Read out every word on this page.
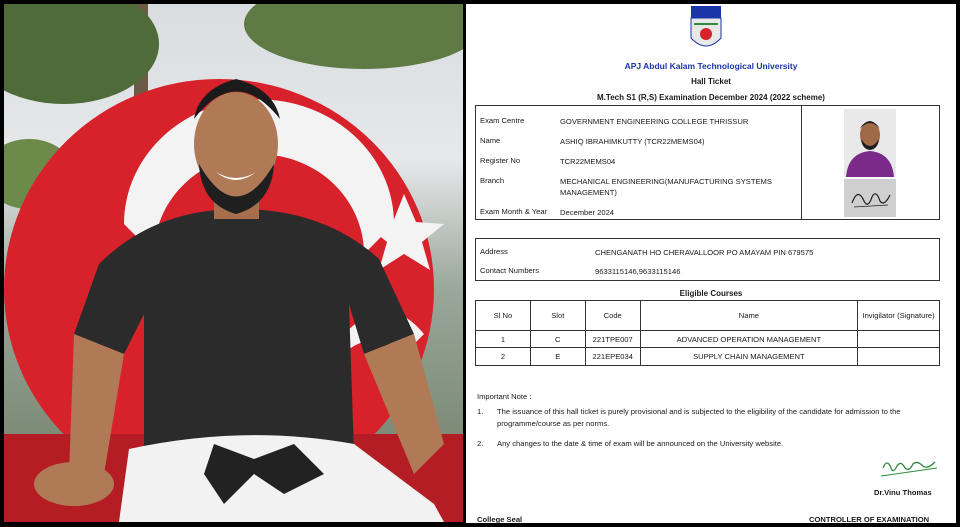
APJ Abdul Kalam Technological University
Hall Ticket
M.Tech S1 (R,S) Examination December 2024 (2022 scheme)
Exam Centre	GOVERNMENT ENGINEERING COLLEGE THRISSUR
Name	ASHIQ IBRAHIMKUTTY (TCR22MEMS04)
Register No	TCR22MEMS04
Branch	MECHANICAL ENGINEERING(MANUFACTURING SYSTEMS MANAGEMENT)
Exam Month & Year	December 2024
Address	CHENGANATH HO CHERAVALLOOR PO AMAYAM PIN 679575
Contact Numbers	9633115146,9633115146
Eligible Courses
Sl No	Slot	Code	Name	Invigilator (Signature)
1	C	221TPE007	ADVANCED OPERATION MANAGEMENT	
2	E	221EPE034	SUPPLY CHAIN MANAGEMENT	
Important Note :
1. The issuance of this hall ticket is purely provisional and is subjected to the eligibility of the candidate for admission to the programme/course as per norms.
2. Any changes to the date & time of exam will be announced on the University website.
Dr.Vinu Thomas
College Seal	CONTROLLER OF EXAMINATION
